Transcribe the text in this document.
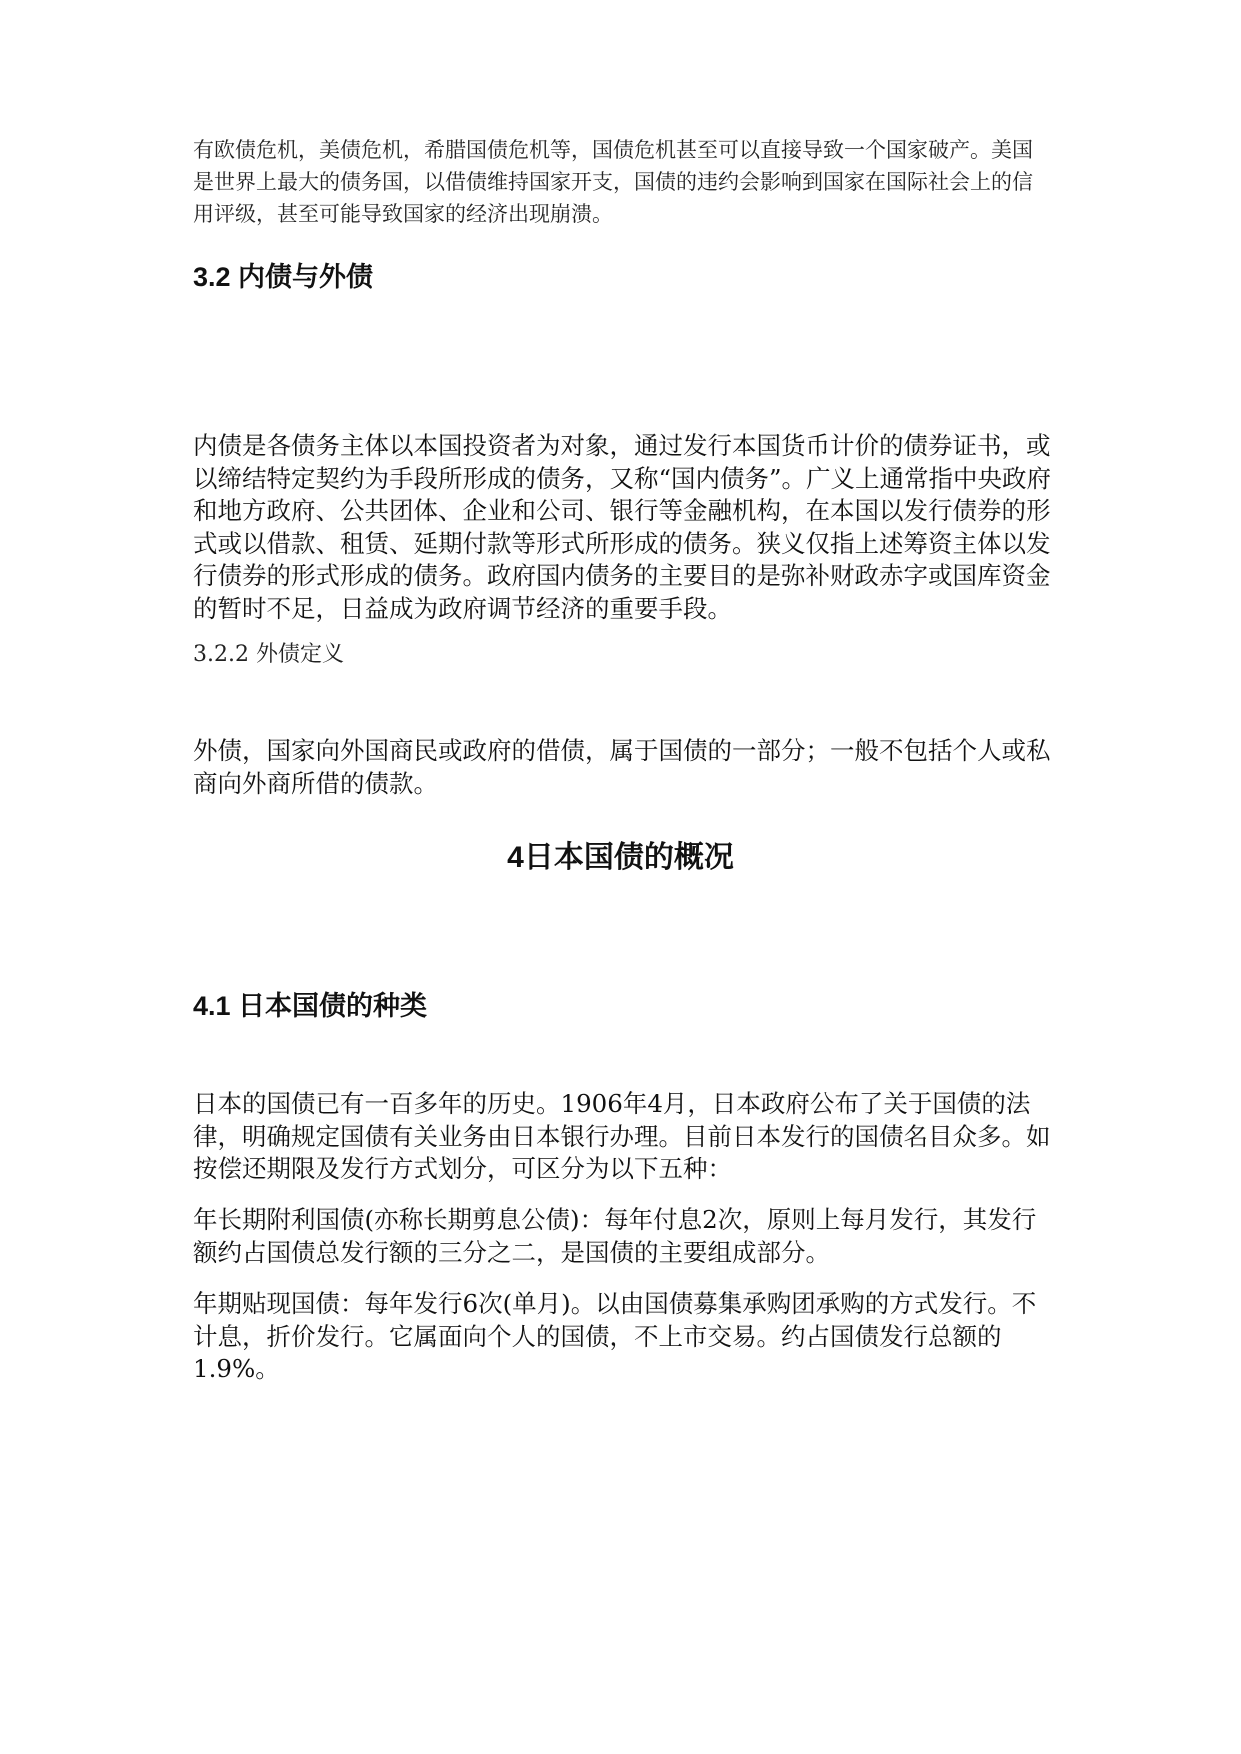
有欧债危机，美债危机，希腊国债危机等，国债危机甚至可以直接导致一个国家破产。美国是世界上最大的债务国，以借债维持国家开支，国债的违约会影响到国家在国际社会上的信用评级，甚至可能导致国家的经济出现崩溃。

3.2 内债与外债

内债是各债务主体以本国投资者为对象，通过发行本国货币计价的债券证书，或以缔结特定契约为手段所形成的债务，又称“国内债务”。广义上通常指中央政府和地方政府、公共团体、企业和公司、银行等金融机构，在本国以发行债券的形式或以借款、租赁、延期付款等形式所形成的债务。狭义仅指上述筹资主体以发行债券的形式形成的债务。政府国内债务的主要目的是弥补财政赤字或国库资金的暂时不足，日益成为政府调节经济的重要手段。

3.2.2 外债定义

外债，国家向外国商民或政府的借债，属于国债的一部分；一般不包括个人或私商向外商所借的债款。

4日本国债的概况
4.1 日本国债的种类

日本的国债已有一百多年的历史。1906年4月，日本政府公布了关于国债的法律，明确规定国债有关业务由日本银行办理。目前日本发行的国债名目众多。如按偿还期限及发行方式划分，可区分为以下五种：

年长期附利国债(亦称长期剪息公债)：每年付息2次，原则上每月发行，其发行额约占国债总发行额的三分之二，是国债的主要组成部分。

年期贴现国债：每年发行6次(单月)。以由国债募集承购团承购的方式发行。不计息，折价发行。它属面向个人的国债，不上市交易。约占国债发行总额的1.9%。
